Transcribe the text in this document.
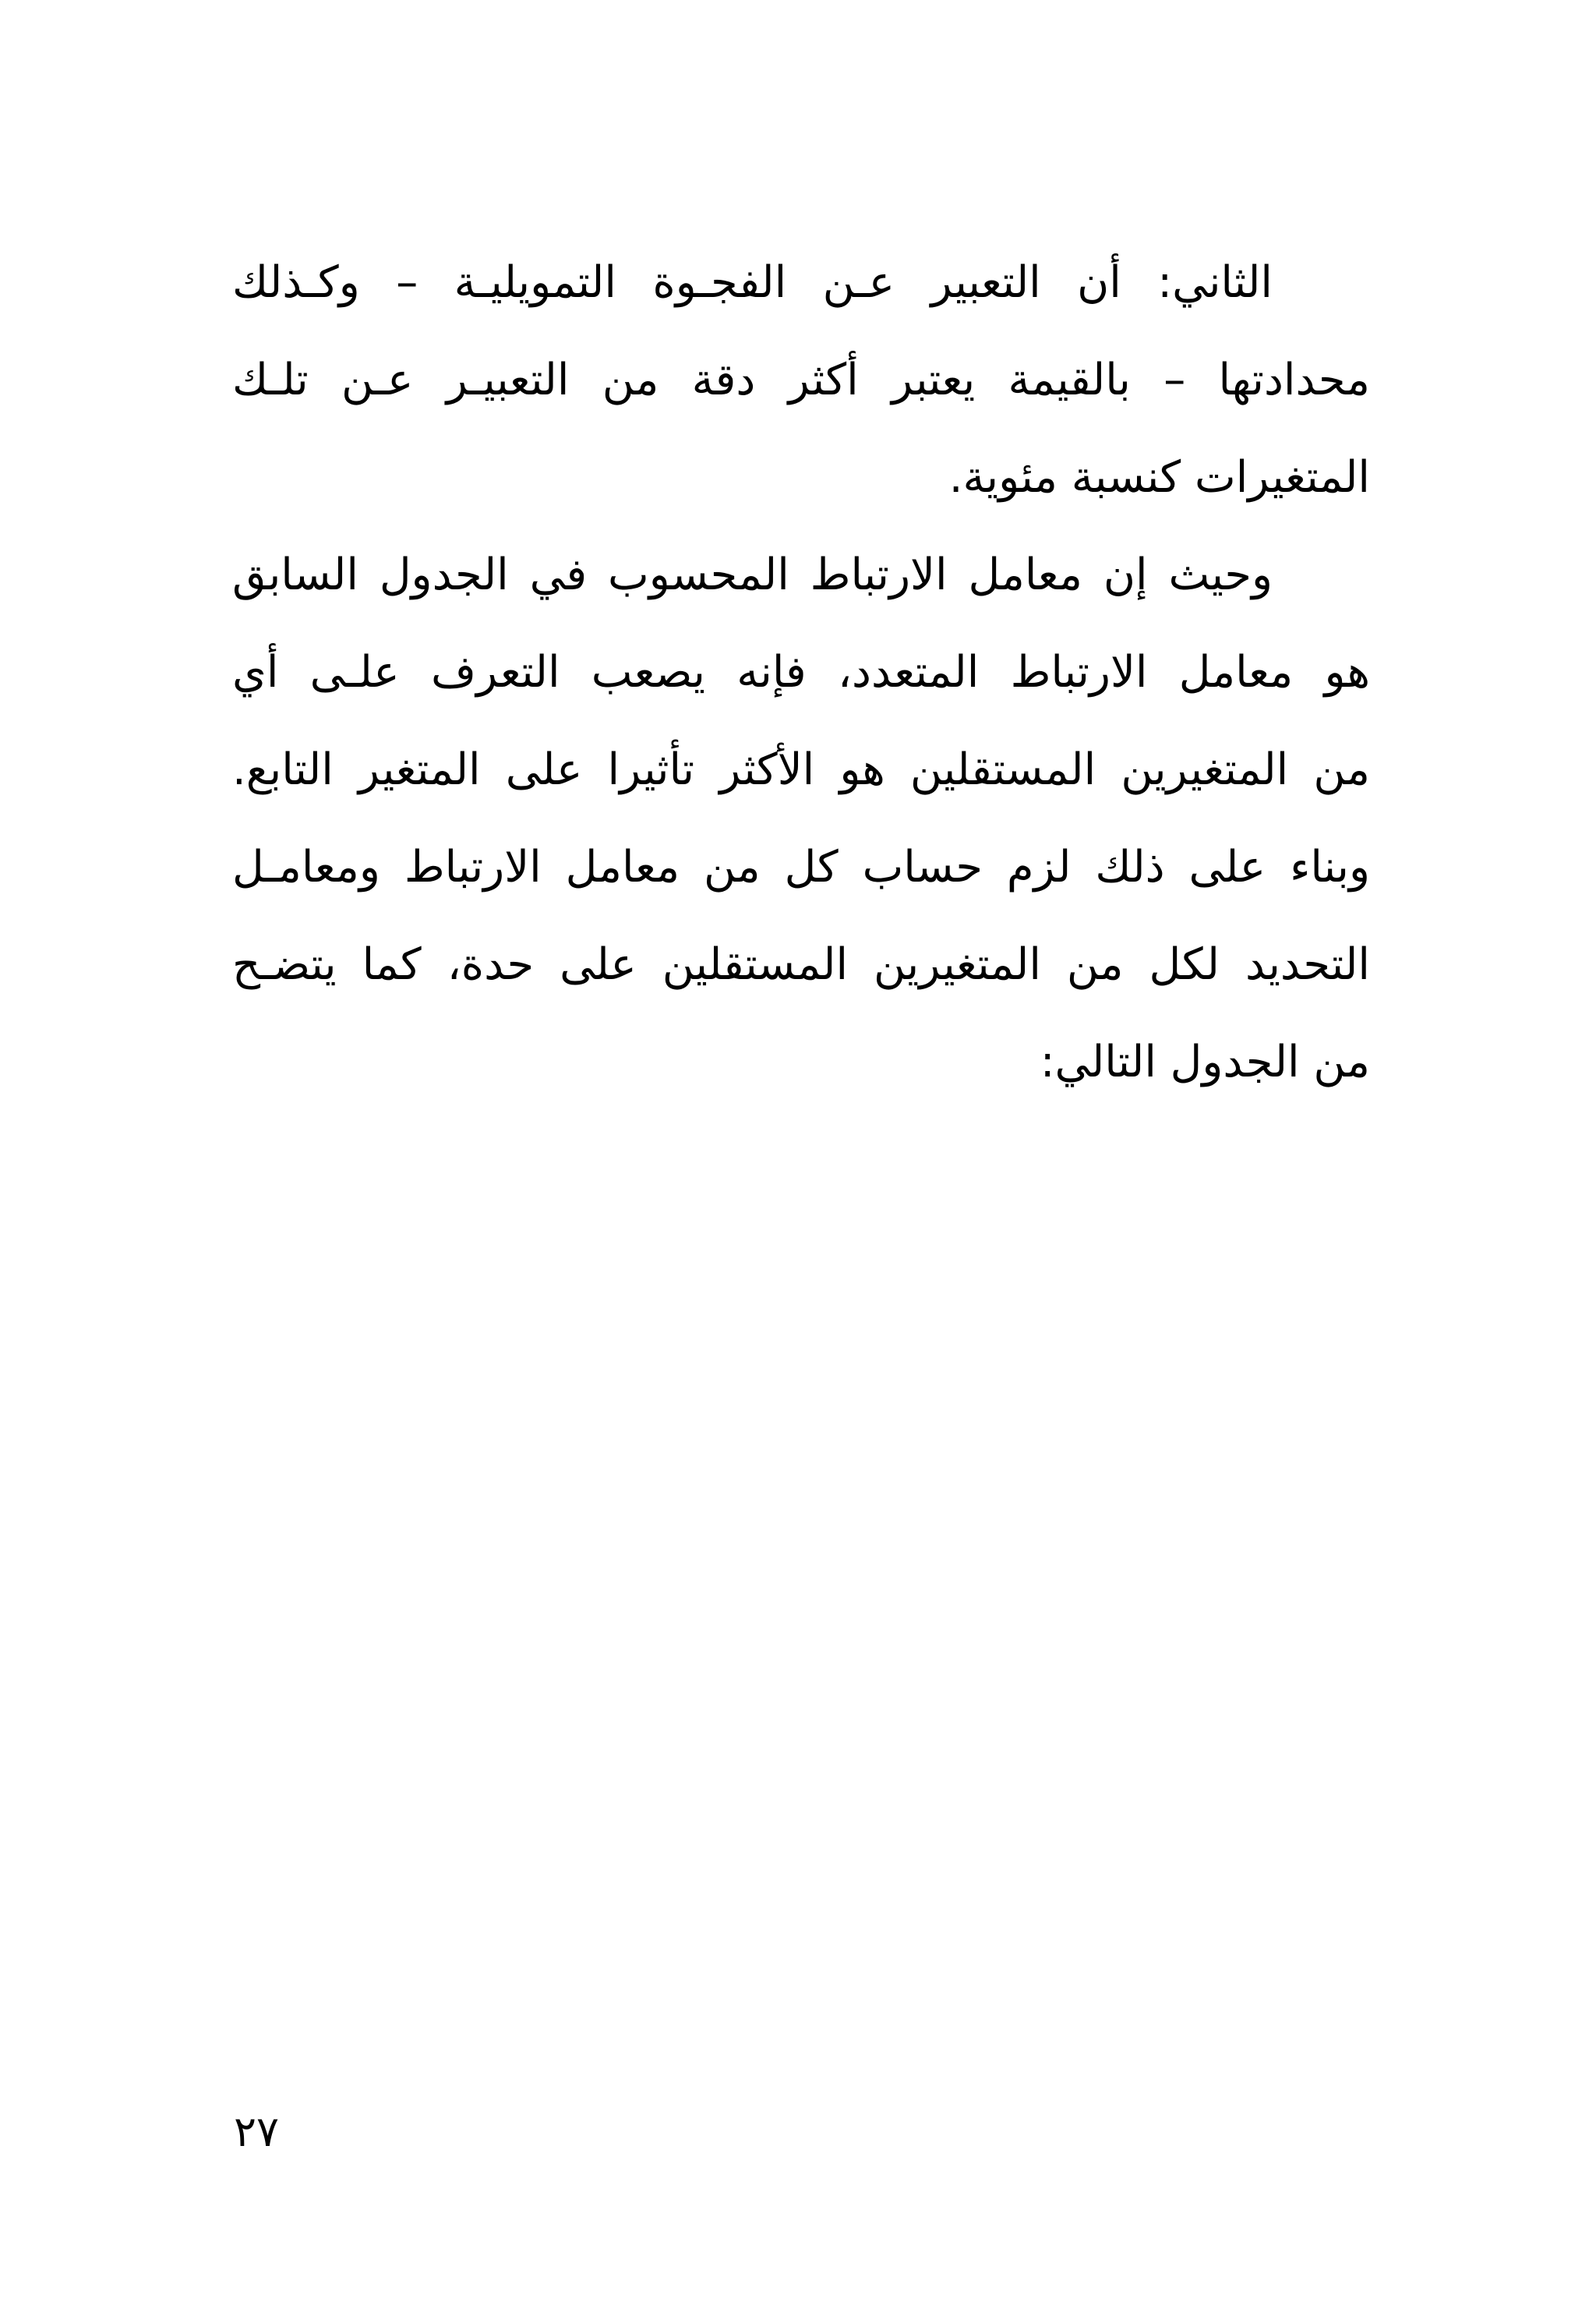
الثاني: أن التعبير عـن الفجـوة التمويليـة – وكـذلك
محدادتها – بالقيمة يعتبر أكثر دقة من التعبيـر عـن تلـك
المتغيرات كنسبة مئوية.

وحيث إن معامل الارتباط المحسوب في الجدول السابق
هو معامل الارتباط المتعدد، فإنه يصعب التعرف علـى أي
من المتغيرين المستقلين هو الأكثر تأثيرا على المتغير التابع.
وبناء على ذلك لزم حساب كل من معامل الارتباط ومعامـل
التحديد لكل من المتغيرين المستقلين على حدة، كما يتضـح
من الجدول التالي:

٢٧
